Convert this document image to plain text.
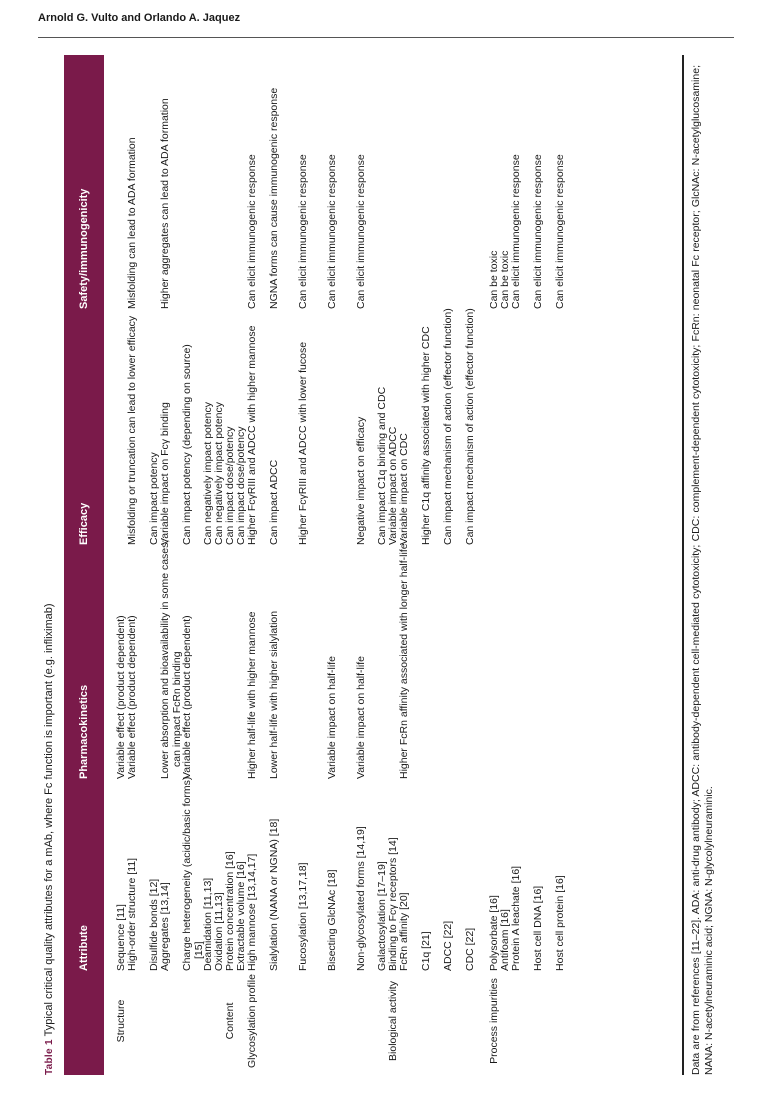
Arnold G. Vulto and Orlando A. Jaquez
Table 1 Typical critical quality attributes for a mAb, where Fc function is important (e.g. infliximab)	Attribute
Pharmacokinetics
Efficacy
Safety/immunogenicity
Structure
Sequence [11]
Variable effect (product dependent)
High-order structure [11]
Variable effect (product dependent)
Misfolding or truncation can lead to lower efficacy
Misfolding can lead to ADA formation
Disulfide bonds [12]
Can impact potency
Aggregates [13,14]
Lower absorption and bioavailability in some cases; can impact FcRn binding
Variable impact on Fcγ binding
Higher aggregates can lead to ADA formation
Charge heterogeneity (acidic/basic forms) [15]
Variable effect (product dependent)
Can impact potency (depending on source)
Deamidation [11,13]
Can negatively impact potency
Oxidation [11,13]
Can negatively impact potency
Content
Protein concentration [16]
Can impact dose/potency
Extractable volume [16]
Can impact dose/potency
Glycosylation profile
High mannose [13,14,17]
Higher half-life with higher mannose
Higher FcγRIII and ADCC with higher mannose
Can elicit immunogenic response
Sialylation (NANA or NGNA) [18]
Lower half-life with higher sialylation
Can impact ADCC
NGNA forms can cause immunogenic response
Fucosylation [13,17,18]
Higher FcγRIII and ADCC with lower fucose
Can elicit immunogenic response
Bisecting GlcNAc [18]
Variable impact on half-life
Can elicit immunogenic response
Non-glycosylated forms [14,19]
Variable impact on half-life
Negative impact on efficacy
Can elicit immunogenic response
Galactosylation [17–19]
Can impact C1q binding and CDC
Biological activity
Binding to Fcγ receptors [14]
Variable impact on ADCC
FcRn affinity [20]
Higher FcRn affinity associated with longer half-life
Variable impact on CDC
C1q [21]
Higher C1q affinity associated with higher CDC
ADCC [22]
Can impact mechanism of action (effector function)
CDC [22]
Can impact mechanism of action (effector function)
Process impurities
Polysorbate [16]
Can be toxic
Antifoam [16]
Can be toxic
Protein A leachate [16]
Can elicit immunogenic response
Host cell DNA [16]
Can elicit immunogenic response
Host cell protein [16]
Can elicit immunogenic response	Data are from references [11–22]. ADA: anti-drug antibody; ADCC: antibody-dependent cell-mediated cytotoxicity; CDC: complement-dependent cytotoxicity; FcRn: neonatal Fc receptor; GlcNAc: N-acetylglucosamine; NANA: N-acetylneuraminic acid; NGNA: N-glycolylneuraminic.
